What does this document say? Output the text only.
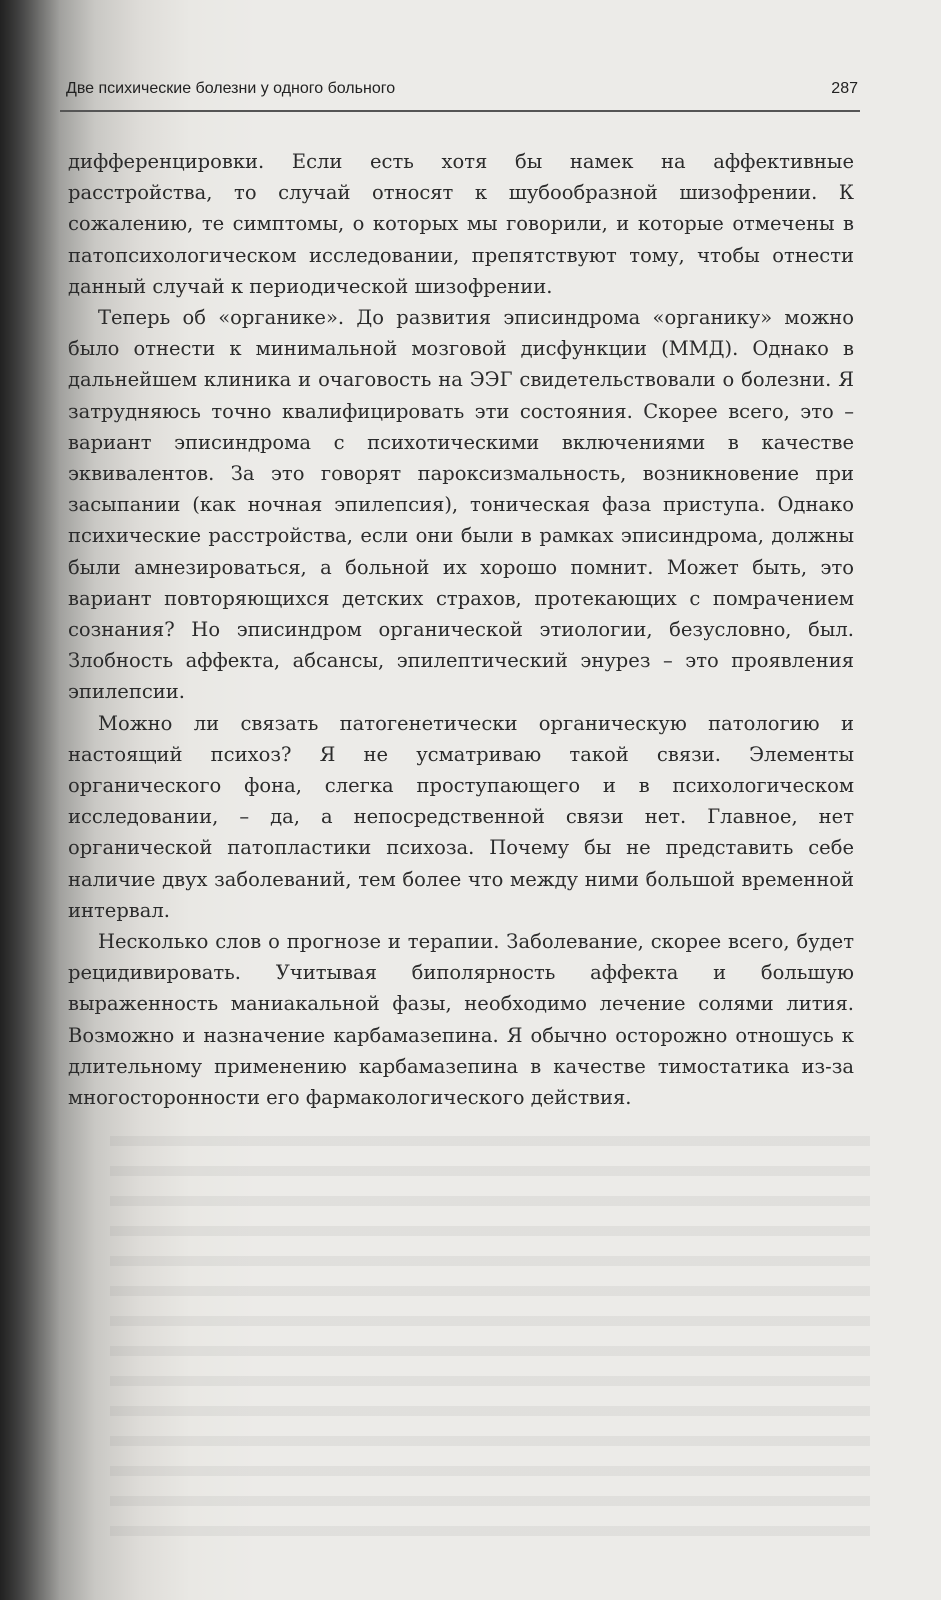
Две психические болезни у одного больного	287

дифференцировки. Если есть хотя бы намек на аффективные расстройства, то случай относят к шубообразной шизофрении. К сожалению, те симптомы, о которых мы говорили, и которые отмечены в патопсихологическом исследовании, препятствуют тому, чтобы отнести данный случай к периодической шизофрении.

Теперь об «органике». До развития эписиндрома «органику» можно было отнести к минимальной мозговой дисфункции (ММД). Однако в дальнейшем клиника и очаговость на ЭЭГ свидетельствовали о болезни. Я затрудняюсь точно квалифицировать эти состояния. Скорее всего, это – вариант эписиндрома с психотическими включениями в качестве эквивалентов. За это говорят пароксизмальность, возникновение при засыпании (как ночная эпилепсия), тоническая фаза приступа. Однако психические расстройства, если они были в рамках эписиндрома, должны были амнезироваться, а больной их хорошо помнит. Может быть, это вариант повторяющихся детских страхов, протекающих с помрачением сознания? Но эписиндром органической этиологии, безусловно, был. Злобность аффекта, абсансы, эпилептический энурез – это проявления эпилепсии.

Можно ли связать патогенетически органическую патологию и настоящий психоз? Я не усматриваю такой связи. Элементы органического фона, слегка проступающего и в психологическом исследовании, – да, а непосредственной связи нет. Главное, нет органической патопластики психоза. Почему бы не представить себе наличие двух заболеваний, тем более что между ними большой временной интервал.

Несколько слов о прогнозе и терапии. Заболевание, скорее всего, будет рецидивировать. Учитывая биполярность аффекта и большую выраженность маниакальной фазы, необходимо лечение солями лития. Возможно и назначение карбамазепина. Я обычно осторожно отношусь к длительному применению карбамазепина в качестве тимостатика из-за многосторонности его фармакологического действия.
